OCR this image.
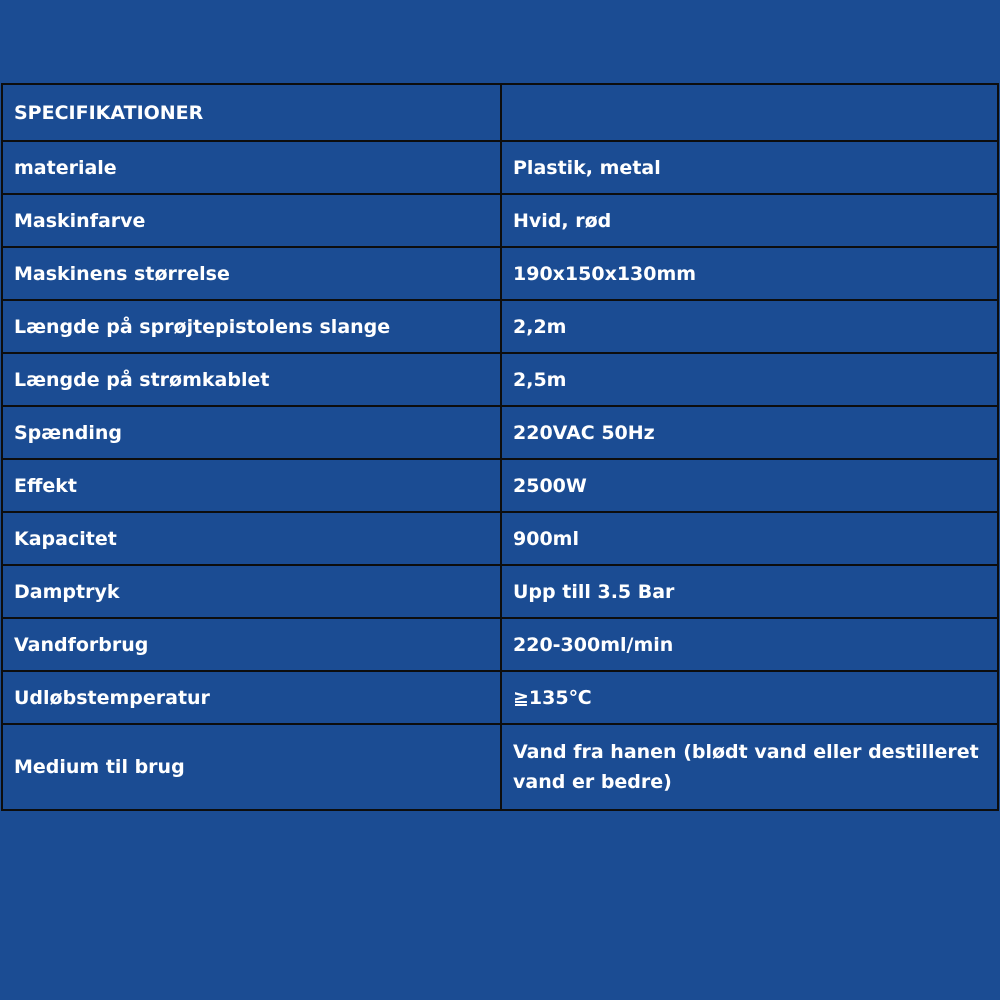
SPECIFIKATIONER	
materiale	Plastik, metal
Maskinfarve	Hvid, rød
Maskinens størrelse	190x150x130mm
Længde på sprøjtepistolens slange	2,2m
Længde på strømkablet	2,5m
Spænding	220VAC 50Hz
Effekt	2500W
Kapacitet	900ml
Damptryk	Upp till 3.5 Bar
Vandforbrug	220-300ml/min
Udløbstemperatur	≧135℃
Medium til brug	Vand fra hanen (blødt vand eller destilleret vand er bedre)
